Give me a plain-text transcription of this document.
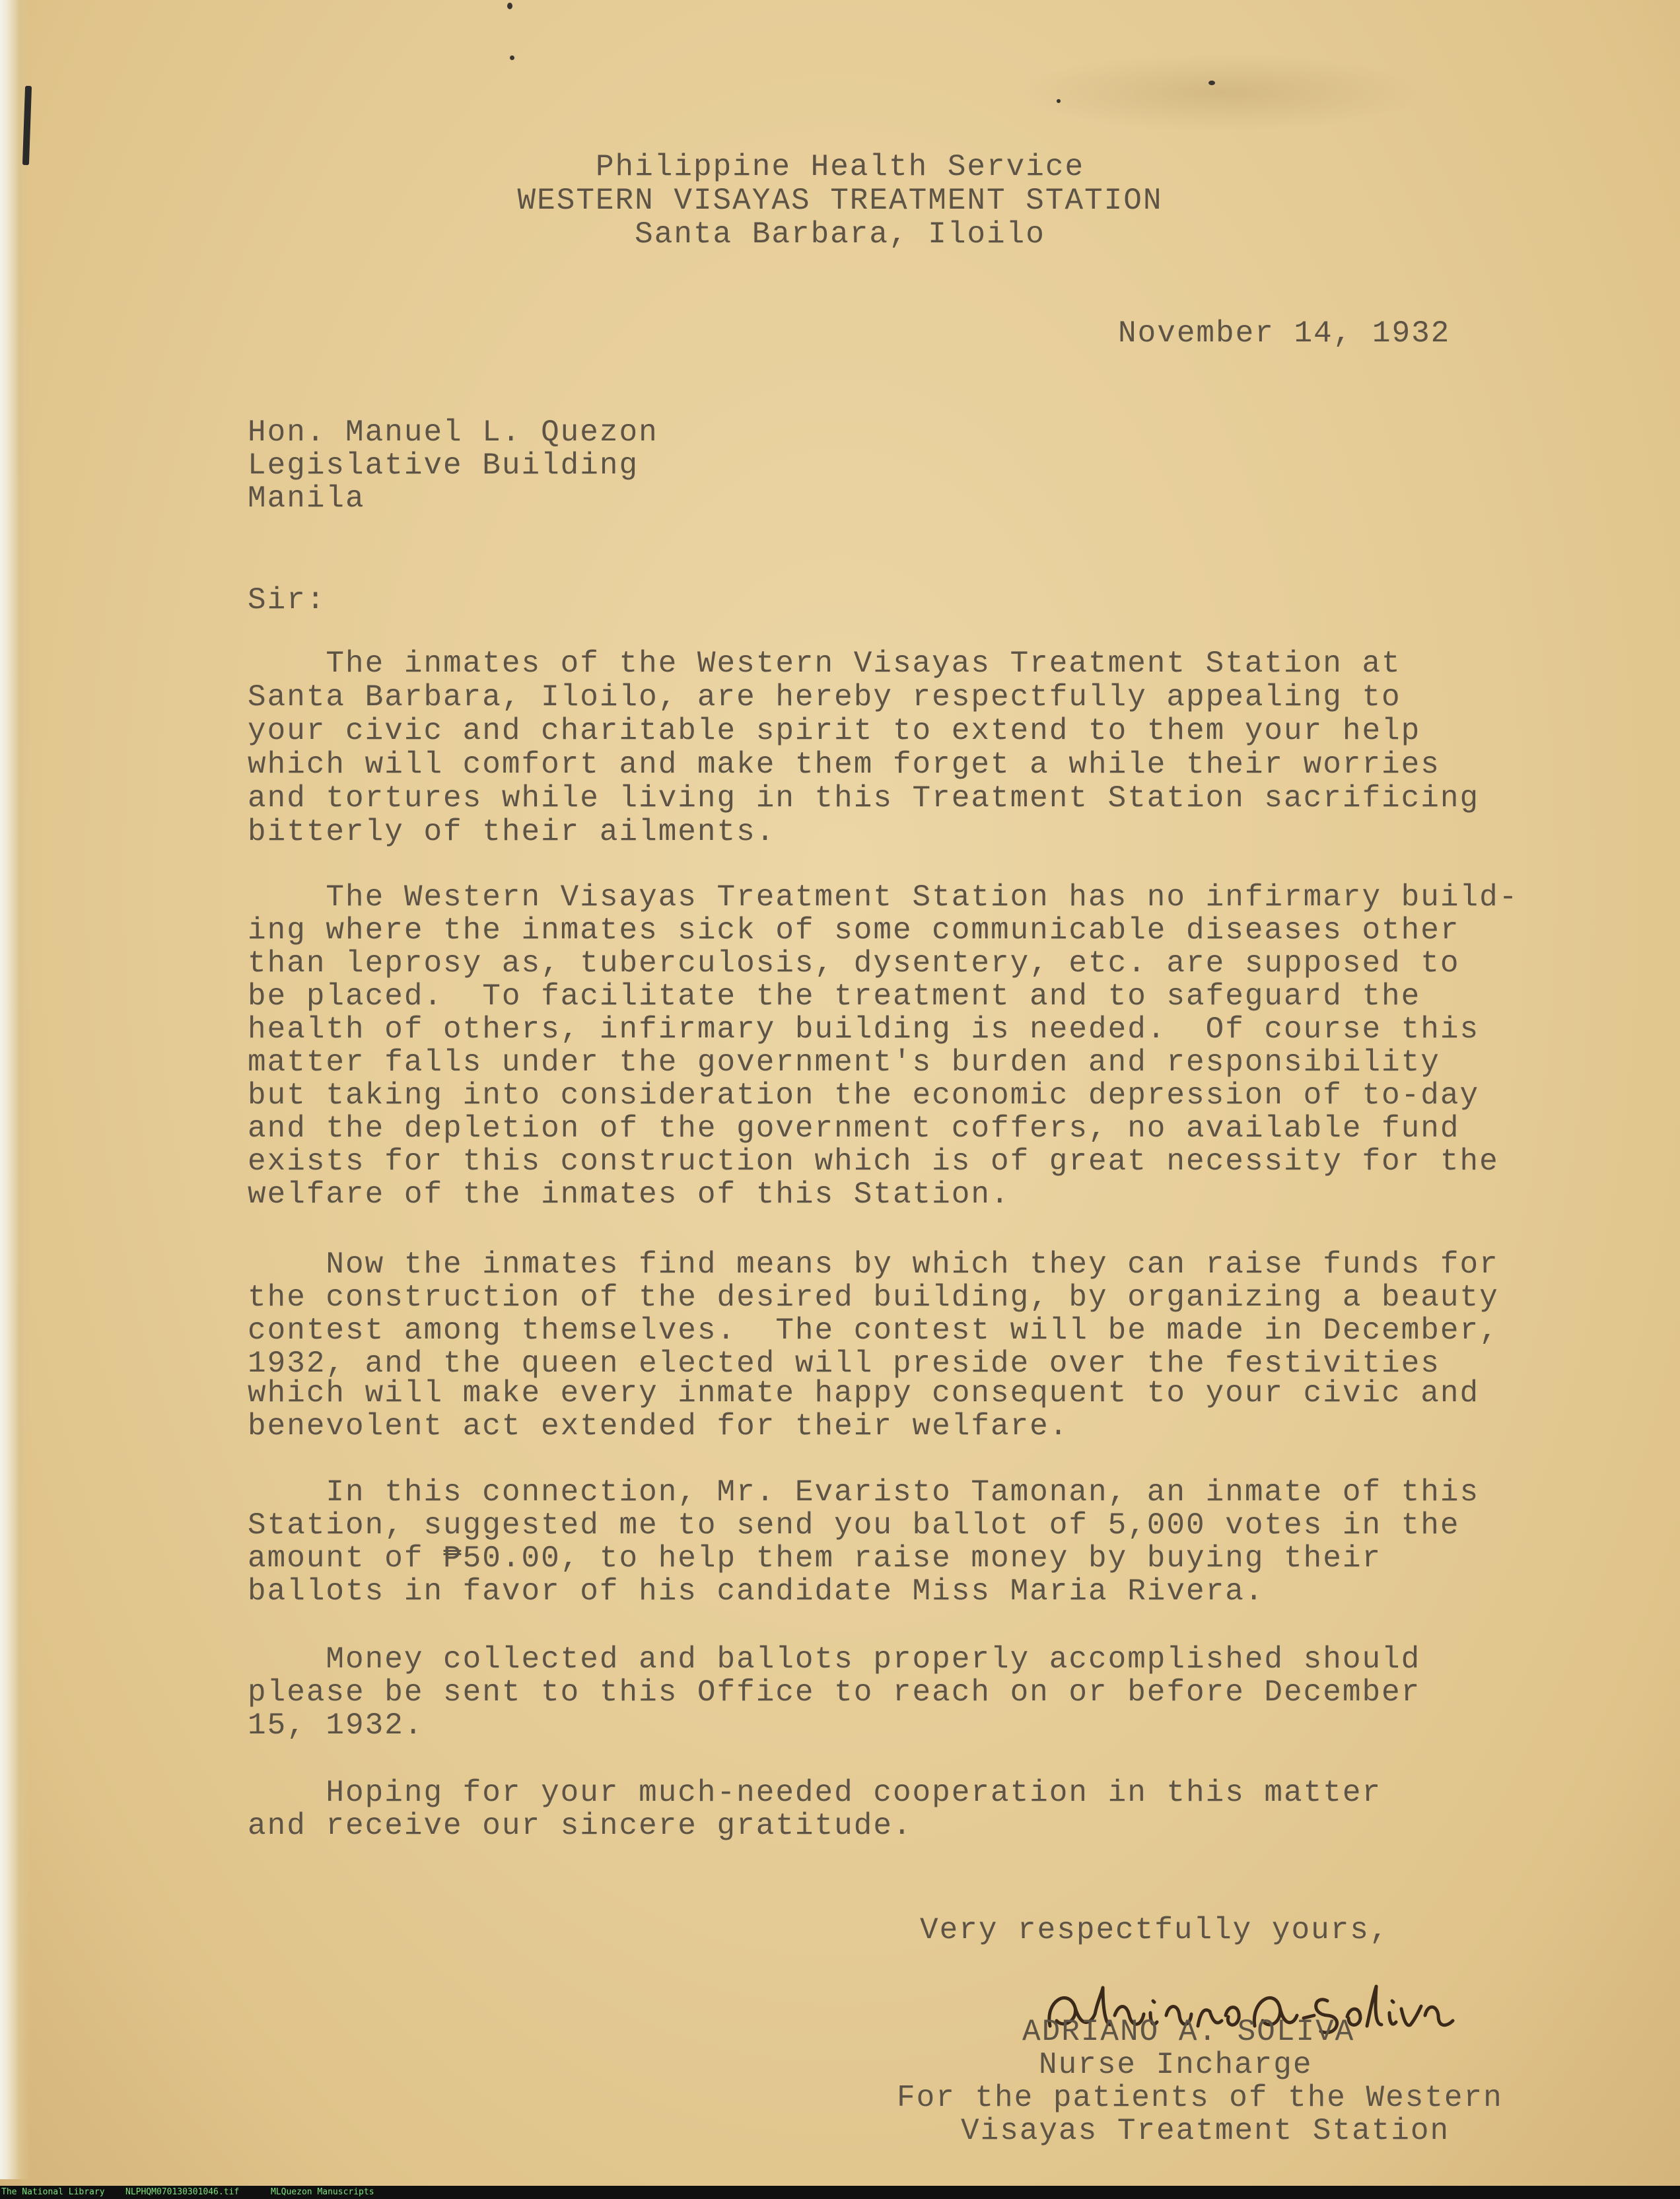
Philippine Health Service
WESTERN VISAYAS TREATMENT STATION
Santa Barbara, Iloilo
November 14, 1932
Hon. Manuel L. Quezon
Legislative Building
Manila
Sir:
The inmates of the Western Visayas Treatment Station at
Santa Barbara, Iloilo, are hereby respectfully appealing to
your civic and charitable spirit to extend to them your help
which will comfort and make them forget a while their worries
and tortures while living in this Treatment Station sacrificing
bitterly of their ailments.
The Western Visayas Treatment Station has no infirmary build-
ing where the inmates sick of some communicable diseases other
than leprosy as, tuberculosis, dysentery, etc. are supposed to
be placed.  To facilitate the treatment and to safeguard the
health of others, infirmary building is needed.  Of course this
matter falls under the government's burden and responsibility
but taking into consideration the economic depression of to-day
and the depletion of the government coffers, no available fund
exists for this construction which is of great necessity for the
welfare of the inmates of this Station.
Now the inmates find means by which they can raise funds for
the construction of the desired building, by organizing a beauty
contest among themselves.  The contest will be made in December,
1932, and the queen elected will preside over the festivities
which will make every inmate happy consequent to your civic and
benevolent act extended for their welfare.
In this connection, Mr. Evaristo Tamonan, an inmate of this
Station, suggested me to send you ballot of 5,000 votes in the
amount of ₱50.00, to help them raise money by buying their
ballots in favor of his candidate Miss Maria Rivera.
Money collected and ballots properly accomplished should
please be sent to this Office to reach on or before December
15, 1932.
Hoping for your much-needed cooperation in this matter
and receive our sincere gratitude.
Very respectfully yours,
ADRIANO A. SOLIVA
Nurse Incharge
For the patients of the Western
Visayas Treatment Station

The National Library

NLPHQM070130301046.tif

	MLQuezon Manuscripts
